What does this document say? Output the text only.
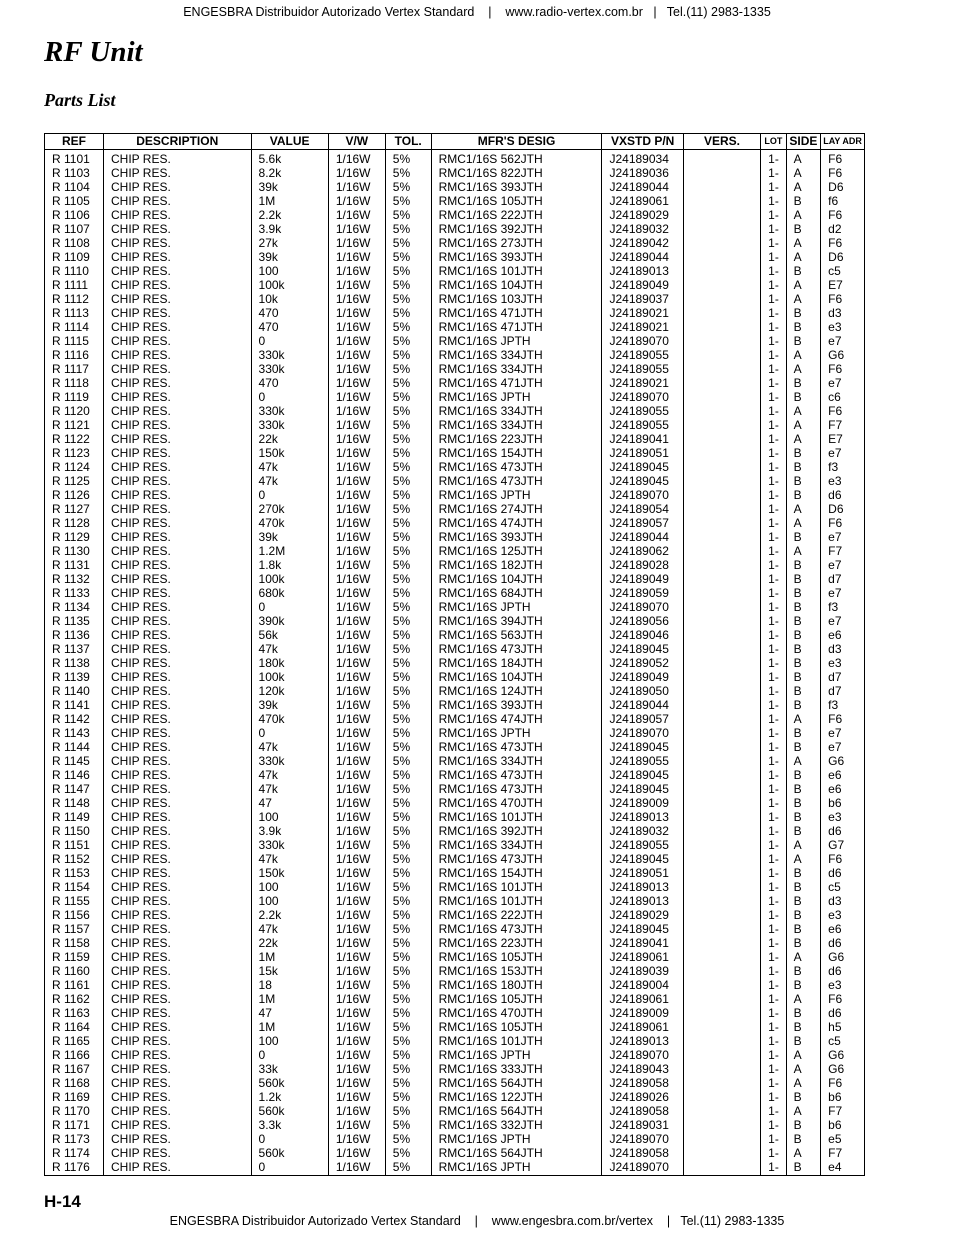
ENGESBRA Distribuidor Autorizado Vertex Standard    |    www.radio-vertex.com.br   |   Tel.(11) 2983-1335
RF Unit
Parts List
REF	DESCRIPTION	VALUE	V/W	TOL.	MFR'S DESIG	VXSTD P/N	VERS.	LOT	SIDE	LAY ADR
R 1101	CHIP RES.	5.6k	1/16W	5%	RMC1/16S 562JTH	J24189034		1-	A	F6
R 1103	CHIP RES.	8.2k	1/16W	5%	RMC1/16S 822JTH	J24189036		1-	A	F6
R 1104	CHIP RES.	39k	1/16W	5%	RMC1/16S 393JTH	J24189044		1-	A	D6
R 1105	CHIP RES.	1M	1/16W	5%	RMC1/16S 105JTH	J24189061		1-	B	f6
R 1106	CHIP RES.	2.2k	1/16W	5%	RMC1/16S 222JTH	J24189029		1-	A	F6
R 1107	CHIP RES.	3.9k	1/16W	5%	RMC1/16S 392JTH	J24189032		1-	B	d2
R 1108	CHIP RES.	27k	1/16W	5%	RMC1/16S 273JTH	J24189042		1-	A	F6
R 1109	CHIP RES.	39k	1/16W	5%	RMC1/16S 393JTH	J24189044		1-	A	D6
R 1110	CHIP RES.	100	1/16W	5%	RMC1/16S 101JTH	J24189013		1-	B	c5
R 1111	CHIP RES.	100k	1/16W	5%	RMC1/16S 104JTH	J24189049		1-	A	E7
R 1112	CHIP RES.	10k	1/16W	5%	RMC1/16S 103JTH	J24189037		1-	A	F6
R 1113	CHIP RES.	470	1/16W	5%	RMC1/16S 471JTH	J24189021		1-	B	d3
R 1114	CHIP RES.	470	1/16W	5%	RMC1/16S 471JTH	J24189021		1-	B	e3
R 1115	CHIP RES.	0	1/16W	5%	RMC1/16S JPTH	J24189070		1-	B	e7
R 1116	CHIP RES.	330k	1/16W	5%	RMC1/16S 334JTH	J24189055		1-	A	G6
R 1117	CHIP RES.	330k	1/16W	5%	RMC1/16S 334JTH	J24189055		1-	A	F6
R 1118	CHIP RES.	470	1/16W	5%	RMC1/16S 471JTH	J24189021		1-	B	e7
R 1119	CHIP RES.	0	1/16W	5%	RMC1/16S JPTH	J24189070		1-	B	c6
R 1120	CHIP RES.	330k	1/16W	5%	RMC1/16S 334JTH	J24189055		1-	A	F6
R 1121	CHIP RES.	330k	1/16W	5%	RMC1/16S 334JTH	J24189055		1-	A	F7
R 1122	CHIP RES.	22k	1/16W	5%	RMC1/16S 223JTH	J24189041		1-	A	E7
R 1123	CHIP RES.	150k	1/16W	5%	RMC1/16S 154JTH	J24189051		1-	B	e7
R 1124	CHIP RES.	47k	1/16W	5%	RMC1/16S 473JTH	J24189045		1-	B	f3
R 1125	CHIP RES.	47k	1/16W	5%	RMC1/16S 473JTH	J24189045		1-	B	e3
R 1126	CHIP RES.	0	1/16W	5%	RMC1/16S JPTH	J24189070		1-	B	d6
R 1127	CHIP RES.	270k	1/16W	5%	RMC1/16S 274JTH	J24189054		1-	A	D6
R 1128	CHIP RES.	470k	1/16W	5%	RMC1/16S 474JTH	J24189057		1-	A	F6
R 1129	CHIP RES.	39k	1/16W	5%	RMC1/16S 393JTH	J24189044		1-	B	e7
R 1130	CHIP RES.	1.2M	1/16W	5%	RMC1/16S 125JTH	J24189062		1-	A	F7
R 1131	CHIP RES.	1.8k	1/16W	5%	RMC1/16S 182JTH	J24189028		1-	B	e7
R 1132	CHIP RES.	100k	1/16W	5%	RMC1/16S 104JTH	J24189049		1-	B	d7
R 1133	CHIP RES.	680k	1/16W	5%	RMC1/16S 684JTH	J24189059		1-	B	e7
R 1134	CHIP RES.	0	1/16W	5%	RMC1/16S JPTH	J24189070		1-	B	f3
R 1135	CHIP RES.	390k	1/16W	5%	RMC1/16S 394JTH	J24189056		1-	B	e7
R 1136	CHIP RES.	56k	1/16W	5%	RMC1/16S 563JTH	J24189046		1-	B	e6
R 1137	CHIP RES.	47k	1/16W	5%	RMC1/16S 473JTH	J24189045		1-	B	d3
R 1138	CHIP RES.	180k	1/16W	5%	RMC1/16S 184JTH	J24189052		1-	B	e3
R 1139	CHIP RES.	100k	1/16W	5%	RMC1/16S 104JTH	J24189049		1-	B	d7
R 1140	CHIP RES.	120k	1/16W	5%	RMC1/16S 124JTH	J24189050		1-	B	d7
R 1141	CHIP RES.	39k	1/16W	5%	RMC1/16S 393JTH	J24189044		1-	B	f3
R 1142	CHIP RES.	470k	1/16W	5%	RMC1/16S 474JTH	J24189057		1-	A	F6
R 1143	CHIP RES.	0	1/16W	5%	RMC1/16S JPTH	J24189070		1-	B	e7
R 1144	CHIP RES.	47k	1/16W	5%	RMC1/16S 473JTH	J24189045		1-	B	e7
R 1145	CHIP RES.	330k	1/16W	5%	RMC1/16S 334JTH	J24189055		1-	A	G6
R 1146	CHIP RES.	47k	1/16W	5%	RMC1/16S 473JTH	J24189045		1-	B	e6
R 1147	CHIP RES.	47k	1/16W	5%	RMC1/16S 473JTH	J24189045		1-	B	e6
R 1148	CHIP RES.	47	1/16W	5%	RMC1/16S 470JTH	J24189009		1-	B	b6
R 1149	CHIP RES.	100	1/16W	5%	RMC1/16S 101JTH	J24189013		1-	B	e3
R 1150	CHIP RES.	3.9k	1/16W	5%	RMC1/16S 392JTH	J24189032		1-	B	d6
R 1151	CHIP RES.	330k	1/16W	5%	RMC1/16S 334JTH	J24189055		1-	A	G7
R 1152	CHIP RES.	47k	1/16W	5%	RMC1/16S 473JTH	J24189045		1-	A	F6
R 1153	CHIP RES.	150k	1/16W	5%	RMC1/16S 154JTH	J24189051		1-	B	d6
R 1154	CHIP RES.	100	1/16W	5%	RMC1/16S 101JTH	J24189013		1-	B	c5
R 1155	CHIP RES.	100	1/16W	5%	RMC1/16S 101JTH	J24189013		1-	B	d3
R 1156	CHIP RES.	2.2k	1/16W	5%	RMC1/16S 222JTH	J24189029		1-	B	e3
R 1157	CHIP RES.	47k	1/16W	5%	RMC1/16S 473JTH	J24189045		1-	B	e6
R 1158	CHIP RES.	22k	1/16W	5%	RMC1/16S 223JTH	J24189041		1-	B	d6
R 1159	CHIP RES.	1M	1/16W	5%	RMC1/16S 105JTH	J24189061		1-	A	G6
R 1160	CHIP RES.	15k	1/16W	5%	RMC1/16S 153JTH	J24189039		1-	B	d6
R 1161	CHIP RES.	18	1/16W	5%	RMC1/16S 180JTH	J24189004		1-	B	e3
R 1162	CHIP RES.	1M	1/16W	5%	RMC1/16S 105JTH	J24189061		1-	A	F6
R 1163	CHIP RES.	47	1/16W	5%	RMC1/16S 470JTH	J24189009		1-	B	d6
R 1164	CHIP RES.	1M	1/16W	5%	RMC1/16S 105JTH	J24189061		1-	B	h5
R 1165	CHIP RES.	100	1/16W	5%	RMC1/16S 101JTH	J24189013		1-	B	c5
R 1166	CHIP RES.	0	1/16W	5%	RMC1/16S JPTH	J24189070		1-	A	G6
R 1167	CHIP RES.	33k	1/16W	5%	RMC1/16S 333JTH	J24189043		1-	A	G6
R 1168	CHIP RES.	560k	1/16W	5%	RMC1/16S 564JTH	J24189058		1-	A	F6
R 1169	CHIP RES.	1.2k	1/16W	5%	RMC1/16S 122JTH	J24189026		1-	B	b6
R 1170	CHIP RES.	560k	1/16W	5%	RMC1/16S 564JTH	J24189058		1-	A	F7
R 1171	CHIP RES.	3.3k	1/16W	5%	RMC1/16S 332JTH	J24189031		1-	B	b6
R 1173	CHIP RES.	0	1/16W	5%	RMC1/16S JPTH	J24189070		1-	B	e5
R 1174	CHIP RES.	560k	1/16W	5%	RMC1/16S 564JTH	J24189058		1-	A	F7
R 1176	CHIP RES.	0	1/16W	5%	RMC1/16S JPTH	J24189070		1-	B	e4
H-14
ENGESBRA Distribuidor Autorizado Vertex Standard    |    www.engesbra.com.br/vertex    |   Tel.(11) 2983-1335
